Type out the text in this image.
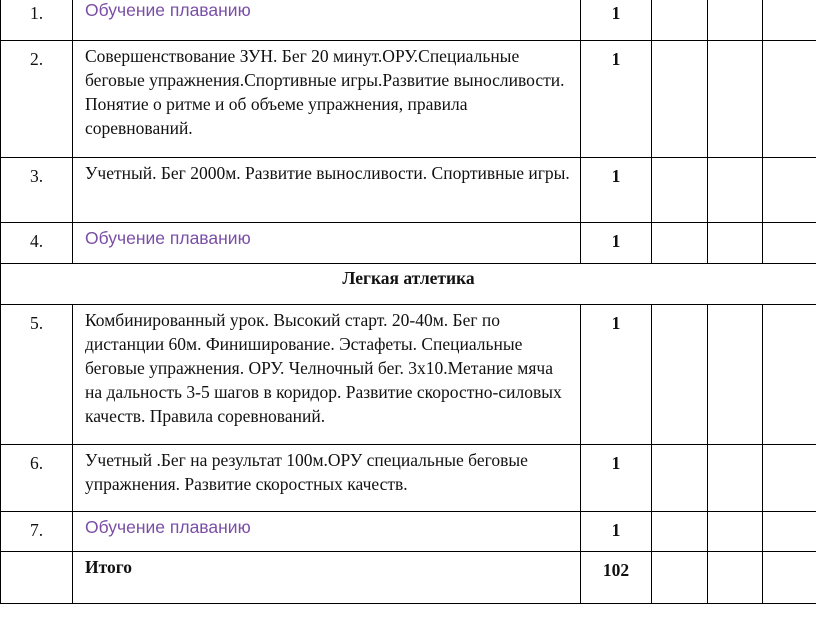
1.	Обучение плаванию	1			
2.	Совершенствование ЗУН. Бег 20 минут.ОРУ.Специальные беговые упражнения.Спортивные игры.Развитие выносливости. Понятие о ритме и об объеме упражнения, правила соревнований.	1			
3.	Учетный. Бег 2000м. Развитие выносливости. Спортивные игры.	1			
4.	Обучение плаванию	1			
Легкая атлетика					
5.	Комбинированный урок. Высокий старт. 20-40м. Бег по дистанции 60м. Финиширование. Эстафеты. Специальные беговые упражнения. ОРУ. Челночный бег. 3х10.Метание мяча на дальность 3-5 шагов в коридор. Развитие скоростно-силовых качеств. Правила соревнований.	1			
6.	Учетный .Бег на результат 100м.ОРУ специальные беговые упражнения. Развитие скоростных качеств.	1			
7.	Обучение плаванию	1			
	Итого	102			
